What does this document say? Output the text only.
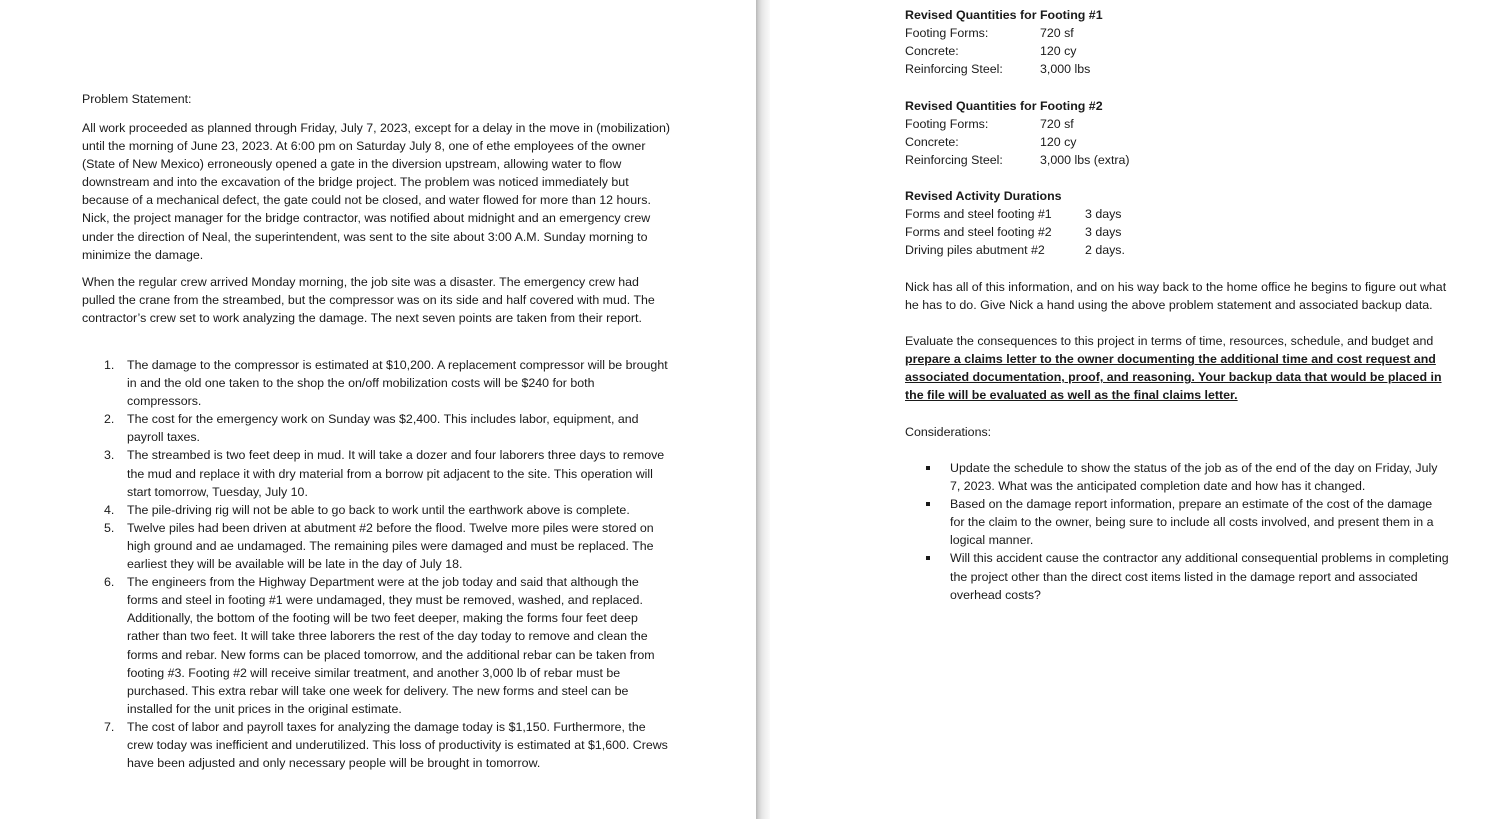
Problem Statement:

All work proceeded as planned through Friday, July 7, 2023, except for a delay in the move in (mobilization) until the morning of June 23, 2023. At 6:00 pm on Saturday July 8, one of ethe employees of the owner (State of New Mexico) erroneously opened a gate in the diversion upstream, allowing water to flow downstream and into the excavation of the bridge project. The problem was noticed immediately but because of a mechanical defect, the gate could not be closed, and water flowed for more than 12 hours. Nick, the project manager for the bridge contractor, was notified about midnight and an emergency crew under the direction of Neal, the superintendent, was sent to the site about 3:00 A.M. Sunday morning to minimize the damage.

When the regular crew arrived Monday morning, the job site was a disaster. The emergency crew had pulled the crane from the streambed, but the compressor was on its side and half covered with mud. The contractor’s crew set to work analyzing the damage. The next seven points are taken from their report.

1. The damage to the compressor is estimated at $10,200. A replacement compressor will be brought in and the old one taken to the shop the on/off mobilization costs will be $240 for both compressors.
2. The cost for the emergency work on Sunday was $2,400. This includes labor, equipment, and payroll taxes.
3. The streambed is two feet deep in mud. It will take a dozer and four laborers three days to remove the mud and replace it with dry material from a borrow pit adjacent to the site. This operation will start tomorrow, Tuesday, July 10.
4. The pile-driving rig will not be able to go back to work until the earthwork above is complete.
5. Twelve piles had been driven at abutment #2 before the flood. Twelve more piles were stored on high ground and ae undamaged. The remaining piles were damaged and must be replaced. The earliest they will be available will be late in the day of July 18.
6. The engineers from the Highway Department were at the job today and said that although the forms and steel in footing #1 were undamaged, they must be removed, washed, and replaced. Additionally, the bottom of the footing will be two feet deeper, making the forms four feet deep rather than two feet. It will take three laborers the rest of the day today to remove and clean the forms and rebar. New forms can be placed tomorrow, and the additional rebar can be taken from footing #3. Footing #2 will receive similar treatment, and another 3,000 lb of rebar must be purchased. This extra rebar will take one week for delivery. The new forms and steel can be installed for the unit prices in the original estimate.
7. The cost of labor and payroll taxes for analyzing the damage today is $1,150. Furthermore, the crew today was inefficient and underutilized. This loss of productivity is estimated at $1,600. Crews have been adjusted and only necessary people will be brought in tomorrow.
Revised Quantities for Footing #1
Footing Forms:	720 sf
Concrete:	120 cy
Reinforcing Steel:	3,000 lbs
Revised Quantities for Footing #2
Footing Forms:	720 sf
Concrete:	120 cy
Reinforcing Steel:	3,000 lbs (extra)
Revised Activity Durations
Forms and steel footing #1	3 days
Forms and steel footing #2	3 days
Driving piles abutment #2	2 days.

Nick has all of this information, and on his way back to the home office he begins to figure out what he has to do. Give Nick a hand using the above problem statement and associated backup data.

Evaluate the consequences to this project in terms of time, resources, schedule, and budget and prepare a claims letter to the owner documenting the additional time and cost request and associated documentation, proof, and reasoning. Your backup data that would be placed in the file will be evaluated as well as the final claims letter.

Considerations:

Update the schedule to show the status of the job as of the end of the day on Friday, July 7, 2023. What was the anticipated completion date and how has it changed.
Based on the damage report information, prepare an estimate of the cost of the damage for the claim to the owner, being sure to include all costs involved, and present them in a logical manner.
Will this accident cause the contractor any additional consequential problems in completing the project other than the direct cost items listed in the damage report and associated overhead costs?
